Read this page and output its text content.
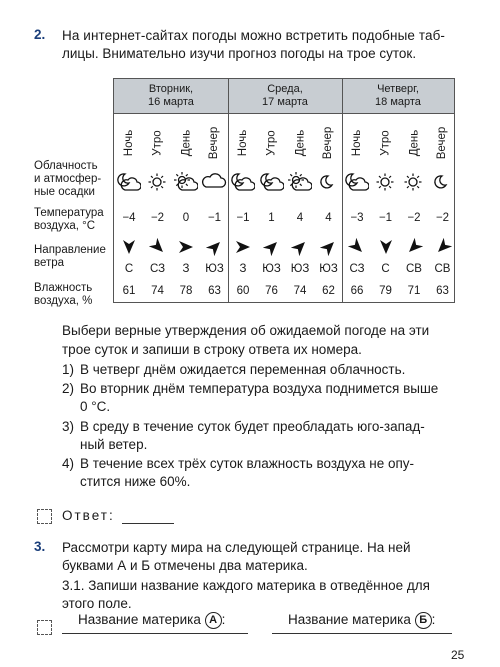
2. На интернет-сайтах погоды можно встретить подобные таб-
лицы. Внимательно изучи прогноз погоды на трое суток.
Облачность
и атмосфер-
ные осадки
Температура
воздуха, °С
Направление
ветра
Влажность
воздуха, %
Вторник,
16 марта
Среда,
17 марта
Четверг,
18 марта
Ночь
−4
С
61
Утро
−2
СЗ
74
День
0
З
78
Вечер
−1
ЮЗ
63
Ночь
−1
З
60
Утро
1
ЮЗ
76
День
4
ЮЗ
74
Вечер
4
ЮЗ
62
Ночь
−3
СЗ
66
Утро
−1
С
79
День
−2
СВ
71
Вечер
−2
СВ
63
Выбери верные утверждения об ожидаемой погоде на эти
трое суток и запиши в строку ответа их номера.
1) В четверг днём ожидается переменная облачность.
2) Во вторник днём температура воздуха поднимется выше
0 °С.
3) В среду в течение суток будет преобладать юго-запад-
ный ветер.
4) В течение всех трёх суток влажность воздуха не опу-
стится ниже 60%.
Ответ:
3. Рассмотри карту мира на следующей странице. На ней
буквами А и Б отмечены два материка.
3.1. Запиши название каждого материка в отведённое для
этого поле.
Название материка А :	Название материка Б :
25
